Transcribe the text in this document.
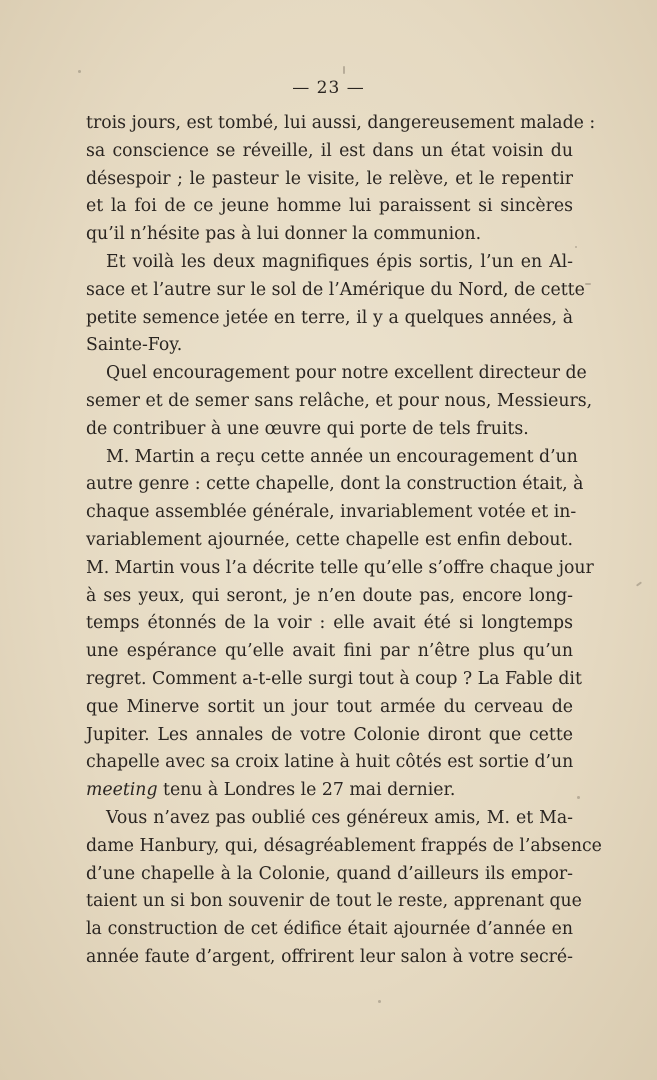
— 23 —
trois jours, est tombé, lui aussi, dangereusement malade :
sa conscience se réveille, il est dans un état voisin du
désespoir ; le pasteur le visite, le relève, et le repentir
et la foi de ce jeune homme lui paraissent si sincères
qu’il n’hésite pas à lui donner la communion.
Et voilà les deux magnifiques épis sortis, l’un en Al-
sace et l’autre sur le sol de l’Amérique du Nord, de cette
petite semence jetée en terre, il y a quelques années, à
Sainte-Foy.
Quel encouragement pour notre excellent directeur de
semer et de semer sans relâche, et pour nous, Messieurs,
de contribuer à une œuvre qui porte de tels fruits.
M. Martin a reçu cette année un encouragement d’un
autre genre : cette chapelle, dont la construction était, à
chaque assemblée générale, invariablement votée et in-
variablement ajournée, cette chapelle est enfin debout.
M. Martin vous l’a décrite telle qu’elle s’offre chaque jour
à ses yeux, qui seront, je n’en doute pas, encore long-
temps étonnés de la voir : elle avait été si longtemps
une espérance qu’elle avait fini par n’être plus qu’un
regret. Comment a-t-elle surgi tout à coup ? La Fable dit
que Minerve sortit un jour tout armée du cerveau de
Jupiter. Les annales de votre Colonie diront que cette
chapelle avec sa croix latine à huit côtés est sortie d’un
meeting tenu à Londres le 27 mai dernier.
Vous n’avez pas oublié ces généreux amis, M. et Ma-
dame Hanbury, qui, désagréablement frappés de l’absence
d’une chapelle à la Colonie, quand d’ailleurs ils empor-
taient un si bon souvenir de tout le reste, apprenant que
la construction de cet édifice était ajournée d’année en
année faute d’argent, offrirent leur salon à votre secré-
